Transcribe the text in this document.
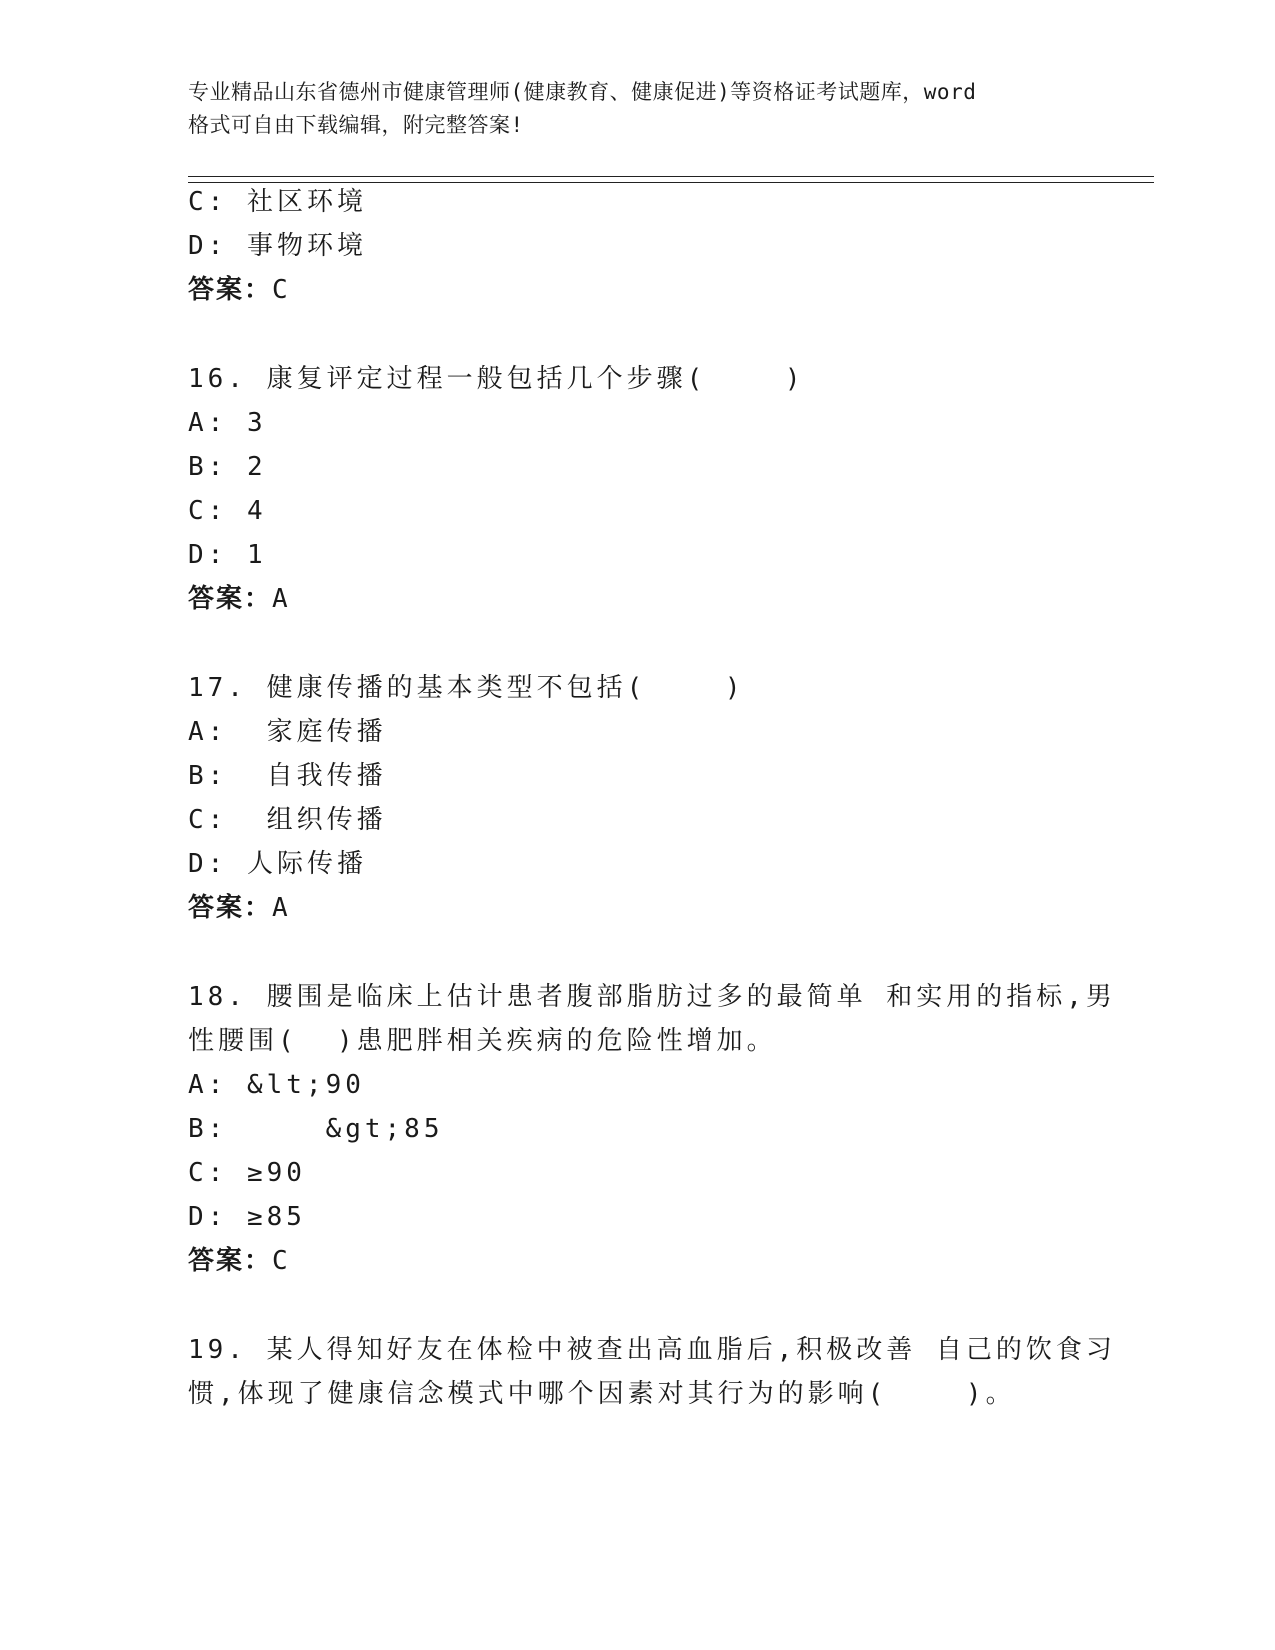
专业精品山东省德州市健康管理师(健康教育、健康促进)等资格证考试题库，word
格式可自由下载编辑，附完整答案!
C: 社区环境
D: 事物环境
答案：C
16. 康复评定过程一般包括几个步骤(    )
A: 3
B: 2
C: 4
D: 1
答案：A
17. 健康传播的基本类型不包括(    )
A:  家庭传播
B:  自我传播
C:  组织传播
D: 人际传播
答案：A
18. 腰围是临床上估计患者腹部脂肪过多的最简单 和实用的指标,男
性腰围(  )患肥胖相关疾病的危险性增加。
A: &lt;90
B:     &gt;85
C: ≥90
D: ≥85
答案：C
19. 某人得知好友在体检中被查出高血脂后,积极改善 自己的饮食习
惯,体现了健康信念模式中哪个因素对其行为的影响(    )。
